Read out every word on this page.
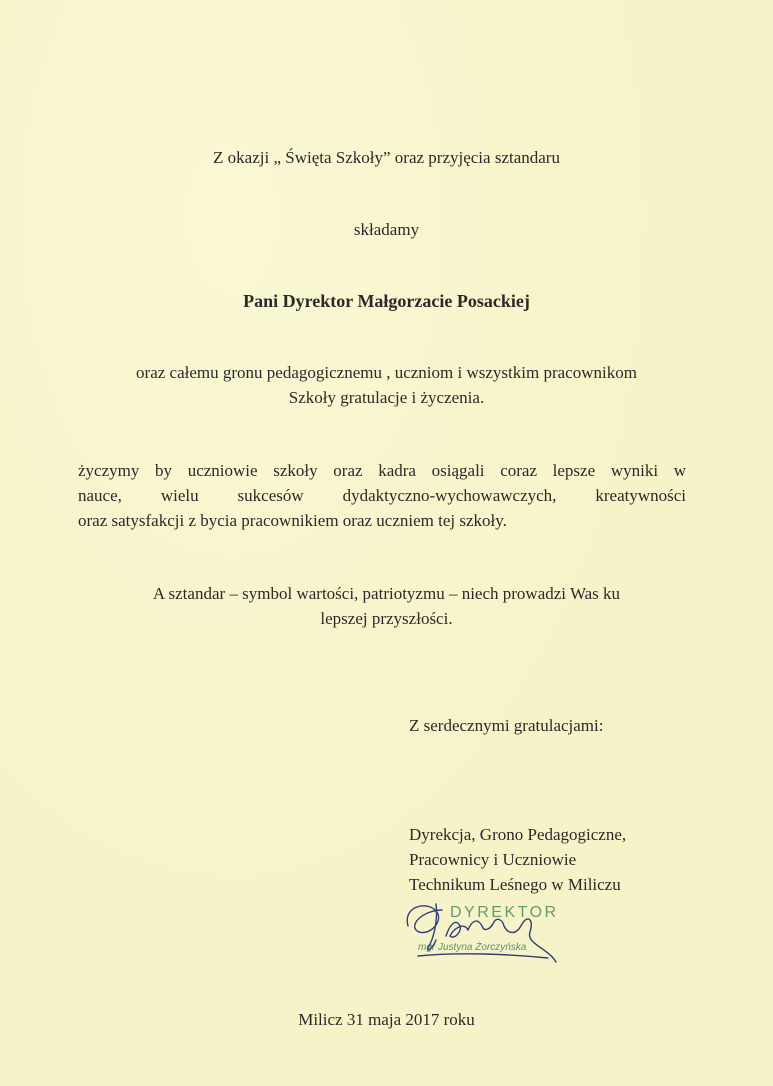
Z okazji „ Święta Szkoły” oraz przyjęcia sztandaru
składamy
Pani Dyrektor Małgorzacie Posackiej
oraz całemu gronu pedagogicznemu , uczniom i wszystkim pracownikom
Szkoły gratulacje i życzenia.
życzymy by uczniowie szkoły oraz kadra osiągali coraz lepsze wyniki w
nauce, wielu sukcesów dydaktyczno-wychowawczych, kreatywności
oraz satysfakcji z bycia pracownikiem oraz uczniem tej szkoły.
A sztandar – symbol wartości, patriotyzmu – niech prowadzi Was ku
lepszej przyszłości.
Z serdecznymi gratulacjami:
Dyrekcja, Grono Pedagogiczne,
Pracownicy i Uczniowie
Technikum Leśnego w Miliczu
DYREKTOR
mgr Justyna Żorczyńska
Milicz 31 maja 2017 roku
